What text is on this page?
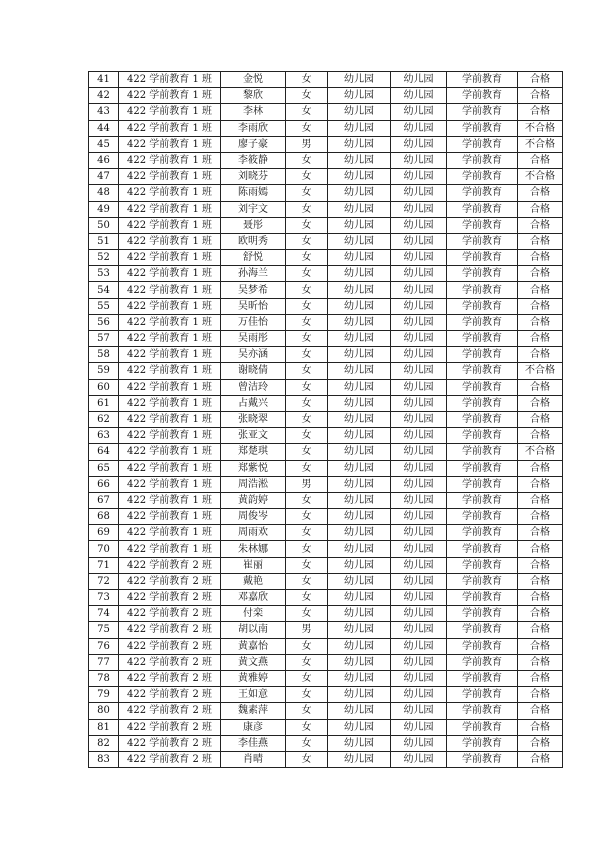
41	422 学前教育 1 班	金悦	女	幼儿园	幼儿园	学前教育	合格
42	422 学前教育 1 班	黎欣	女	幼儿园	幼儿园	学前教育	合格
43	422 学前教育 1 班	李林	女	幼儿园	幼儿园	学前教育	合格
44	422 学前教育 1 班	李雨欣	女	幼儿园	幼儿园	学前教育	不合格
45	422 学前教育 1 班	廖子豪	男	幼儿园	幼儿园	学前教育	不合格
46	422 学前教育 1 班	李筱静	女	幼儿园	幼儿园	学前教育	合格
47	422 学前教育 1 班	刘晓芬	女	幼儿园	幼儿园	学前教育	不合格
48	422 学前教育 1 班	陈雨嫣	女	幼儿园	幼儿园	学前教育	合格
49	422 学前教育 1 班	刘宇文	女	幼儿园	幼儿园	学前教育	合格
50	422 学前教育 1 班	聂彤	女	幼儿园	幼儿园	学前教育	合格
51	422 学前教育 1 班	欧明秀	女	幼儿园	幼儿园	学前教育	合格
52	422 学前教育 1 班	舒悦	女	幼儿园	幼儿园	学前教育	合格
53	422 学前教育 1 班	孙海兰	女	幼儿园	幼儿园	学前教育	合格
54	422 学前教育 1 班	吴梦希	女	幼儿园	幼儿园	学前教育	合格
55	422 学前教育 1 班	吴昕怡	女	幼儿园	幼儿园	学前教育	合格
56	422 学前教育 1 班	万佳怡	女	幼儿园	幼儿园	学前教育	合格
57	422 学前教育 1 班	吴雨彤	女	幼儿园	幼儿园	学前教育	合格
58	422 学前教育 1 班	吴亦涵	女	幼儿园	幼儿园	学前教育	合格
59	422 学前教育 1 班	谢晓倩	女	幼儿园	幼儿园	学前教育	不合格
60	422 学前教育 1 班	曾洁玲	女	幼儿园	幼儿园	学前教育	合格
61	422 学前教育 1 班	占戴兴	女	幼儿园	幼儿园	学前教育	合格
62	422 学前教育 1 班	张晓翠	女	幼儿园	幼儿园	学前教育	合格
63	422 学前教育 1 班	张亚文	女	幼儿园	幼儿园	学前教育	合格
64	422 学前教育 1 班	郑楚琪	女	幼儿园	幼儿园	学前教育	不合格
65	422 学前教育 1 班	郑紫悦	女	幼儿园	幼儿园	学前教育	合格
66	422 学前教育 1 班	周浩淞	男	幼儿园	幼儿园	学前教育	合格
67	422 学前教育 1 班	黄韵婷	女	幼儿园	幼儿园	学前教育	合格
68	422 学前教育 1 班	周俊岑	女	幼儿园	幼儿园	学前教育	合格
69	422 学前教育 1 班	周雨欢	女	幼儿园	幼儿园	学前教育	合格
70	422 学前教育 1 班	朱林娜	女	幼儿园	幼儿园	学前教育	合格
71	422 学前教育 2 班	崔丽	女	幼儿园	幼儿园	学前教育	合格
72	422 学前教育 2 班	戴艳	女	幼儿园	幼儿园	学前教育	合格
73	422 学前教育 2 班	邓嘉欣	女	幼儿园	幼儿园	学前教育	合格
74	422 学前教育 2 班	付栾	女	幼儿园	幼儿园	学前教育	合格
75	422 学前教育 2 班	胡以南	男	幼儿园	幼儿园	学前教育	合格
76	422 学前教育 2 班	黄嘉怡	女	幼儿园	幼儿园	学前教育	合格
77	422 学前教育 2 班	黄文燕	女	幼儿园	幼儿园	学前教育	合格
78	422 学前教育 2 班	黄雅婷	女	幼儿园	幼儿园	学前教育	合格
79	422 学前教育 2 班	王如意	女	幼儿园	幼儿园	学前教育	合格
80	422 学前教育 2 班	魏素萍	女	幼儿园	幼儿园	学前教育	合格
81	422 学前教育 2 班	康彦	女	幼儿园	幼儿园	学前教育	合格
82	422 学前教育 2 班	李佳燕	女	幼儿园	幼儿园	学前教育	合格
83	422 学前教育 2 班	肖晴	女	幼儿园	幼儿园	学前教育	合格
